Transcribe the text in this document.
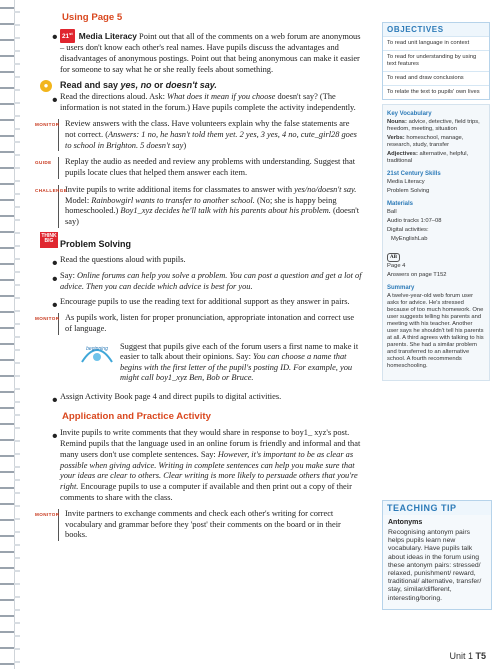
Using Page 5
• 21st Media Literacy Point out that all of the comments on a web forum are anonymous – users don't know each other's real names. Have pupils discuss the advantages and disadvantages of anonymous postings. Point out that being anonymous can make it easier for someone to say what he or she really feels about something.

●	Read and say yes, no or doesn't say.
• Read the directions aloud. Ask: What does it mean if you choose doesn't say? (The information is not stated in the forum.) Have pupils complete the activity independently.

MONITOR Review answers with the class. Have volunteers explain why the false statements are not correct. (Answers: 1 no, he hasn't told them yet. 2 yes, 3 yes, 4 no, cute_girl28 goes to school in Brighton. 5 doesn't say)

GUIDE Replay the audio as needed and review any problems with understanding. Suggest that pupils locate clues that helped them answer each item.

CHALLENGE

Invite pupils to write additional items for classmates to answer with yes/no/doesn't say. Model: Rainbowgirl wants to transfer to another school. (No; she is happy being homeschooled.) Boy1_xyz decides he'll talk with his parents about his problem. (doesn't say)

THINK BIG Problem Solving
• Read the questions aloud with pupils.

• Say: Online forums can help you solve a problem. You can post a question and get a lot of advice. Then you can decide which advice is best for you.

• Encourage pupils to use the reading text for additional support as they answer in pairs.

MONITOR As pupils work, listen for proper pronunciation, appropriate intonation and correct use of language.

beginning Suggest that pupils give each of the forum users a first name to make it easier to talk about their opinions. Say: You can choose a name that begins with the first letter of the pupil's posting ID. For example, you might call boy1_xyz Ben, Bob or Bruce.

• Assign Activity Book page 4 and direct pupils to digital activities.

Application and Practice Activity
• Invite pupils to write comments that they would share in response to boy1_ xyz's post. Remind pupils that the language used in an online forum is friendly and informal and that many users don't use complete sentences. Say: However, it's important to be as clear as possible when giving advice. Writing in complete sentences can help you make sure that your ideas are clear to others. Clear writing is more likely to persuade others that you're right. Encourage pupils to use a computer if available and then print out a copy of their comments to share with the class.

MONITOR Invite partners to exchange comments and check each other's writing for correct vocabulary and grammar before they 'post' their comments on the board or in their books.

OBJECTIVES
To read unit language in context
To read for understanding by using text features
To read and draw conclusions
To relate the text to pupils' own lives
Key Vocabulary

Nouns: advice, detective, field trips, freedom, meeting, situation

Verbs: homeschool, manage, research, study, transfer

Adjectives: alternative, helpful, traditional

21st Century Skills

Media Literacy

Problem Solving

Materials

Ball

Audio tracks 1:07–08

Digital activities:

MyEnglishLab

AB

Page 4

Answers on page T152

Summary

A twelve-year-old web forum user asks for advice. He's stressed because of too much homework. One user suggests telling his parents and meeting with his teacher. Another user says he shouldn't tell his parents at all. A third agrees with talking to his parents. She had a similar problem and transferred to an alternative school. A fourth recommends homeschooling.

TEACHING TIP
Antonyms

Recognising antonym pairs helps pupils learn new vocabulary. Have pupils talk about ideas in the forum using these antonym pairs: stressed/ relaxed, punishment/ reward, traditional/ alternative, transfer/ stay, similar/different, interesting/boring.

Unit 1 T5
